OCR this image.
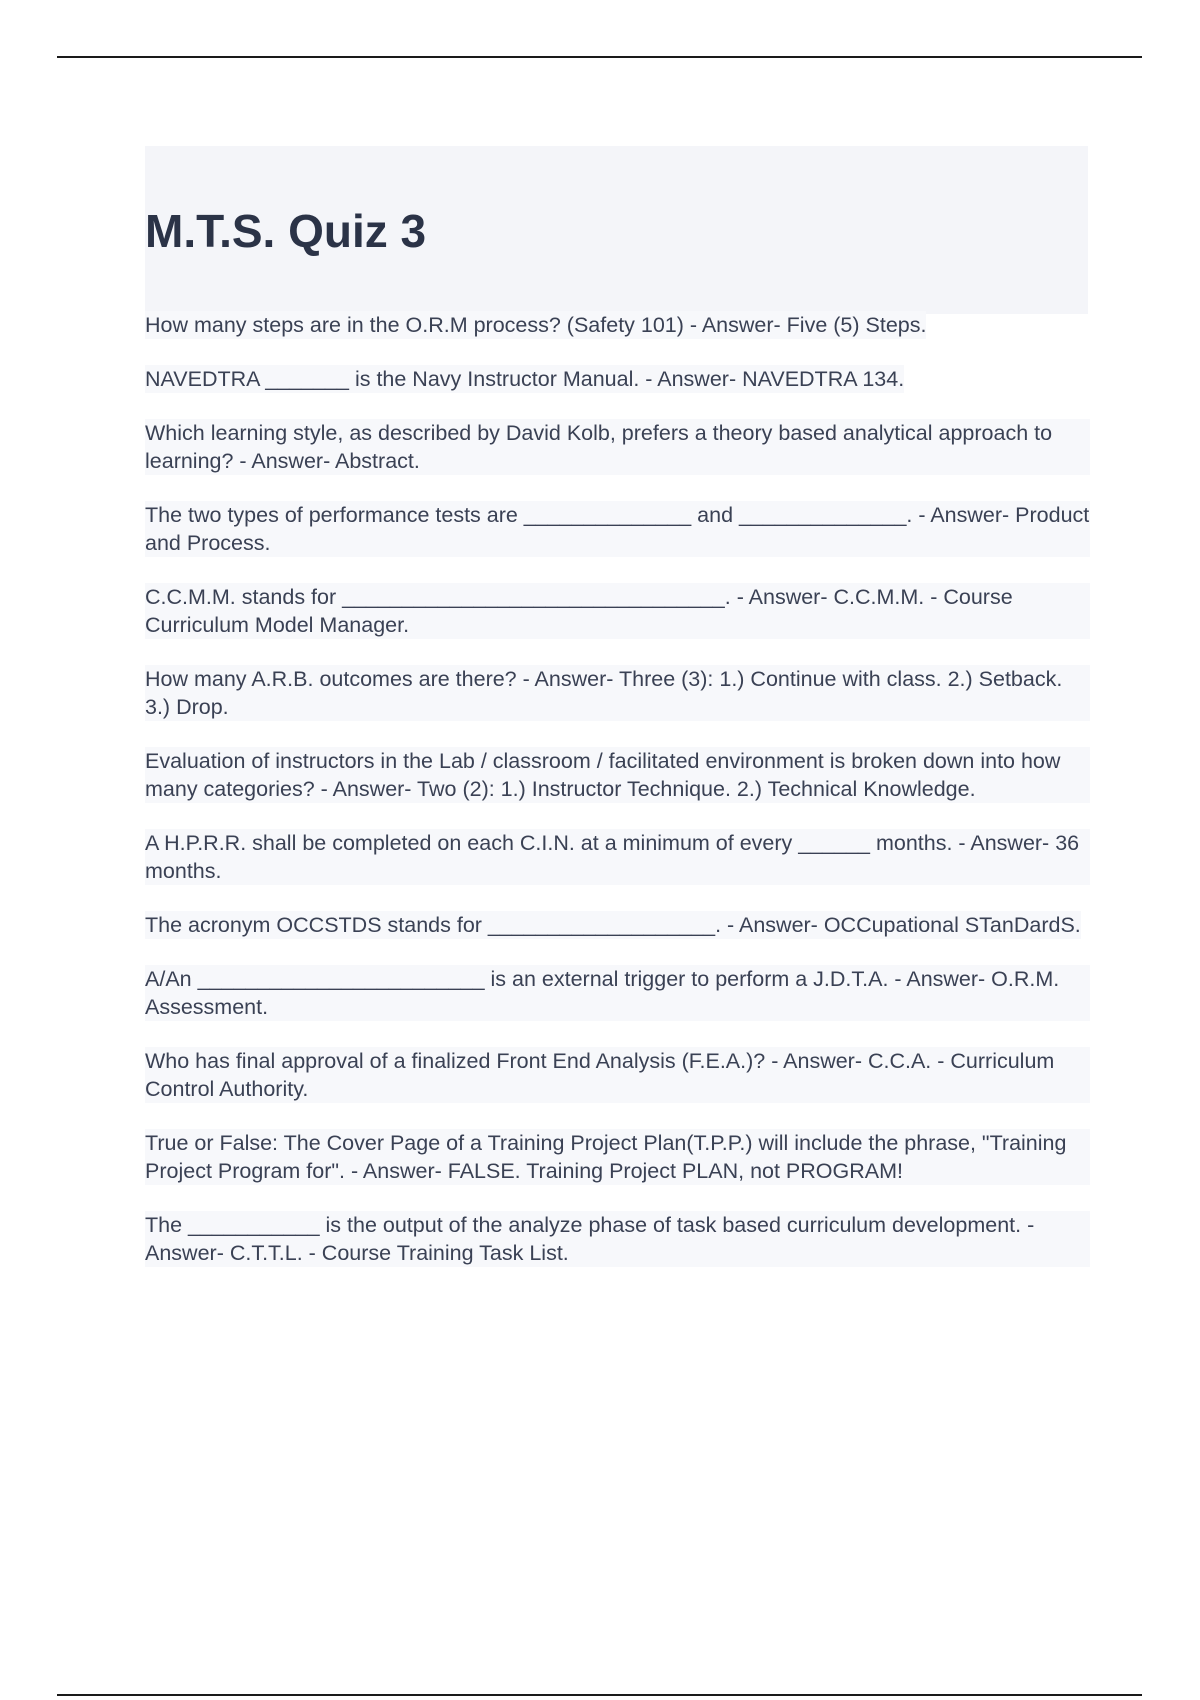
M.T.S. Quiz 3

How many steps are in the O.R.M process? (Safety 101) - Answer- Five (5) Steps.

NAVEDTRA _______ is the Navy Instructor Manual. - Answer- NAVEDTRA 134.

Which learning style, as described by David Kolb, prefers a theory based analytical approach to learning? - Answer- Abstract.

The two types of performance tests are ______________ and ______________. - Answer- Product and Process.

C.C.M.M. stands for ________________________________. - Answer- C.C.M.M. - Course Curriculum Model Manager.

How many A.R.B. outcomes are there? - Answer- Three (3): 1.) Continue with class. 2.) Setback. 3.) Drop.

Evaluation of instructors in the Lab / classroom / facilitated environment is broken down into how many categories? - Answer- Two (2): 1.) Instructor Technique. 2.) Technical Knowledge.

A H.P.R.R. shall be completed on each C.I.N. at a minimum of every ______ months. - Answer- 36 months.

The acronym OCCSTDS stands for ___________________. - Answer- OCCupational STanDardS.

A/An ________________________ is an external trigger to perform a J.D.T.A. - Answer- O.R.M. Assessment.

Who has final approval of a finalized Front End Analysis (F.E.A.)? - Answer- C.C.A. - Curriculum Control Authority.

True or False: The Cover Page of a Training Project Plan(T.P.P.) will include the phrase, "Training Project Program for". - Answer- FALSE. Training Project PLAN, not PROGRAM!

The ___________ is the output of the analyze phase of task based curriculum development. - Answer- C.T.T.L. - Course Training Task List.
